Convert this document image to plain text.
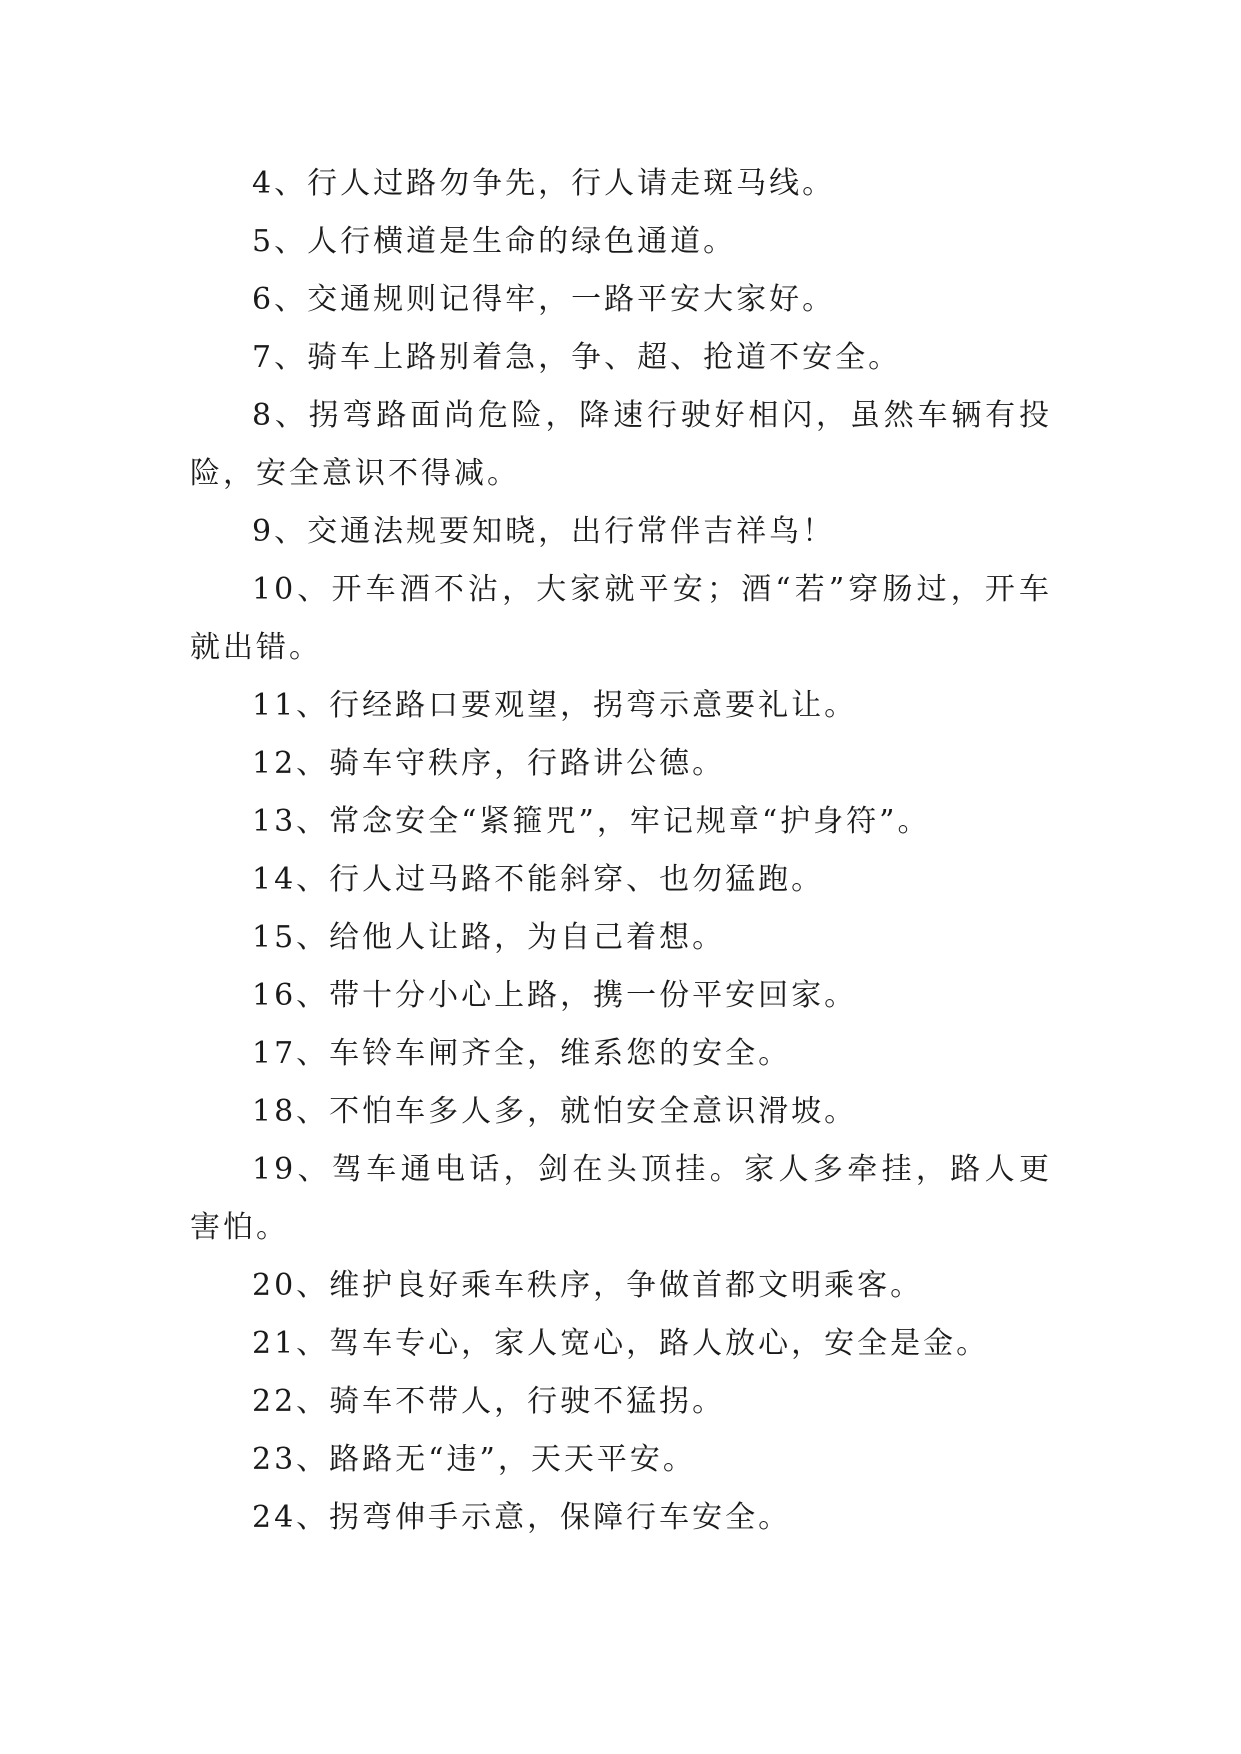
4、行人过路勿争先，行人请走斑马线。

5、人行横道是生命的绿色通道。

6、交通规则记得牢，一路平安大家好。

7、骑车上路别着急，争、超、抢道不安全。

8、拐弯路面尚危险，降速行驶好相闪，虽然车辆有投险，安全意识不得减。

9、交通法规要知晓，出行常伴吉祥鸟！

10、开车酒不沾，大家就平安；酒“若”穿肠过，开车就出错。

11、行经路口要观望，拐弯示意要礼让。

12、骑车守秩序，行路讲公德。

13、常念安全“紧箍咒”，牢记规章“护身符”。

14、行人过马路不能斜穿、也勿猛跑。

15、给他人让路，为自己着想。

16、带十分小心上路，携一份平安回家。

17、车铃车闸齐全，维系您的安全。

18、不怕车多人多，就怕安全意识滑坡。

19、驾车通电话，剑在头顶挂。家人多牵挂，路人更害怕。

20、维护良好乘车秩序，争做首都文明乘客。

21、驾车专心，家人宽心，路人放心，安全是金。

22、骑车不带人，行驶不猛拐。

23、路路无“违”，天天平安。

24、拐弯伸手示意，保障行车安全。
